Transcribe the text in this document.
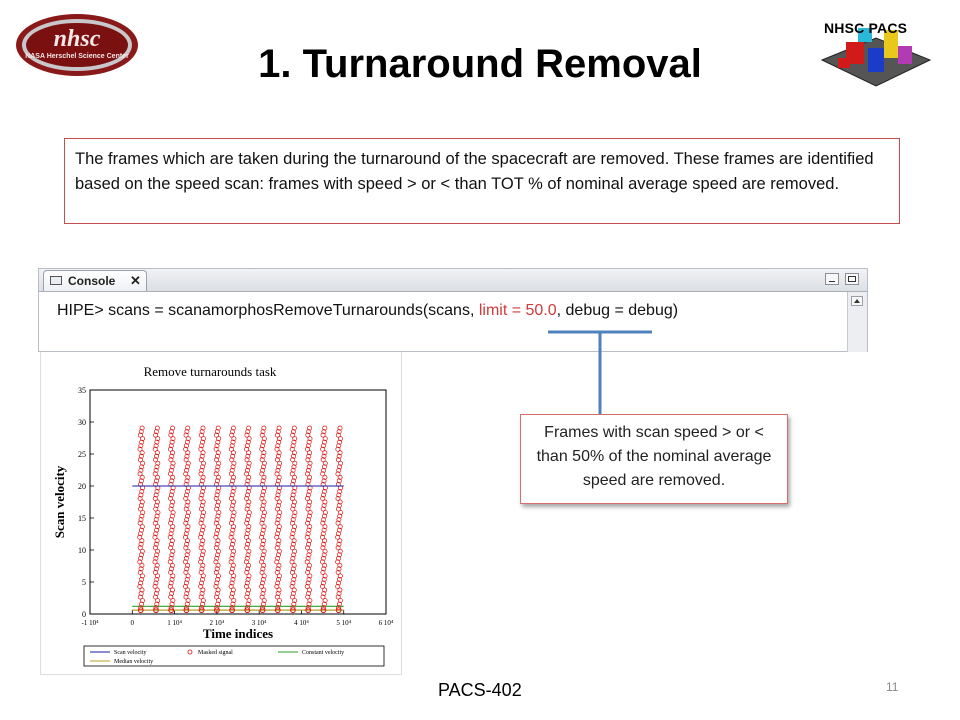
nhsc
NASA Herschel Science Center
NHSC PACS
1. Turnaround Removal
The frames which are taken during the turnaround of the spacecraft are removed. These frames are identified based on the speed scan: frames with speed > or < than TOT % of nominal average speed are removed.
Console ✕
HIPE> scans = scanamorphosRemoveTurnarounds(scans, limit = 50.0, debug = debug)
Remove turnarounds task
0
5
10
15
20
25
30
35
-1 10⁴	0	1 10⁴	2 10⁴	3 10⁴	4 10⁴	5 10⁴	6 10⁴
Scan velocity
Time indices
Scan velocity	Masked signal	Constant velocity
Median velocity
Frames with scan speed > or < than 50% of the nominal average speed are removed.
PACS-402	11
